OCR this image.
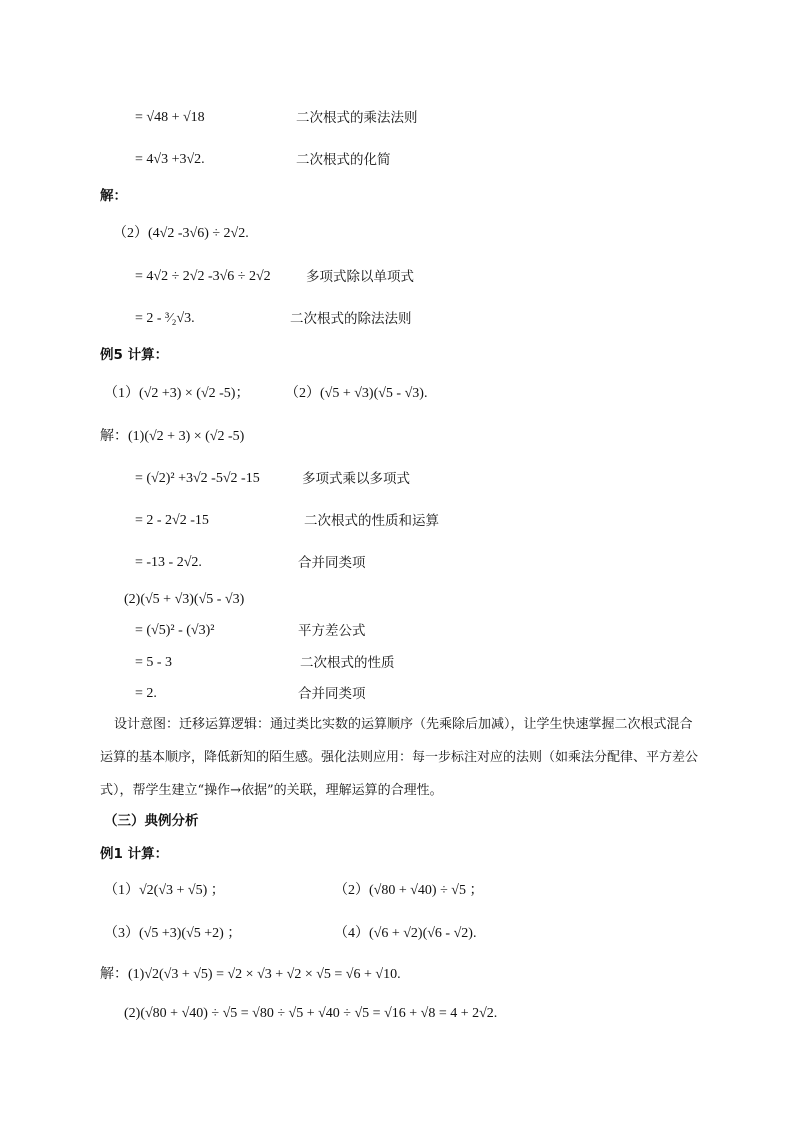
= √48 + √18	二次根式的乘法法则
= 4√3 +3√2.	二次根式的化简
解：
（2）(4√2 -3√6) ÷ 2√2.
= 4√2 ÷ 2√2 -3√6 ÷ 2√2	多项式除以单项式
= 2 - ³⁄₂√3.	二次根式的除法法则
例5 计算：
（1）(√2 +3) × (√2 -5)；	（2）(√5 + √3)(√5 - √3).
解：(1)(√2 + 3) × (√2 -5)
= (√2)² +3√2 -5√2 -15	多项式乘以多项式
= 2 - 2√2 -15	二次根式的性质和运算
= -13 - 2√2.	合并同类项
(2)(√5 + √3)(√5 - √3)
= (√5)² - (√3)²	平方差公式
= 5 - 3	二次根式的性质
= 2.	合并同类项
设计意图：迁移运算逻辑：通过类比实数的运算顺序（先乘除后加减），让学生快速掌握二次根式混合运算的基本顺序，降低新知的陌生感。强化法则应用：每一步标注对应的法则（如乘法分配律、平方差公式），帮学生建立“操作→依据”的关联，理解运算的合理性。
（三）典例分析
例1 计算：
（1）√2(√3 + √5) ；	（2）(√80 + √40) ÷ √5 ；
（3）(√5 +3)(√5 +2) ；	（4）(√6 + √2)(√6 - √2).
解：(1)√2(√3 + √5) = √2 × √3 + √2 × √5 = √6 + √10.
(2)(√80 + √40) ÷ √5 = √80 ÷ √5 + √40 ÷ √5 = √16 + √8 = 4 + 2√2.
